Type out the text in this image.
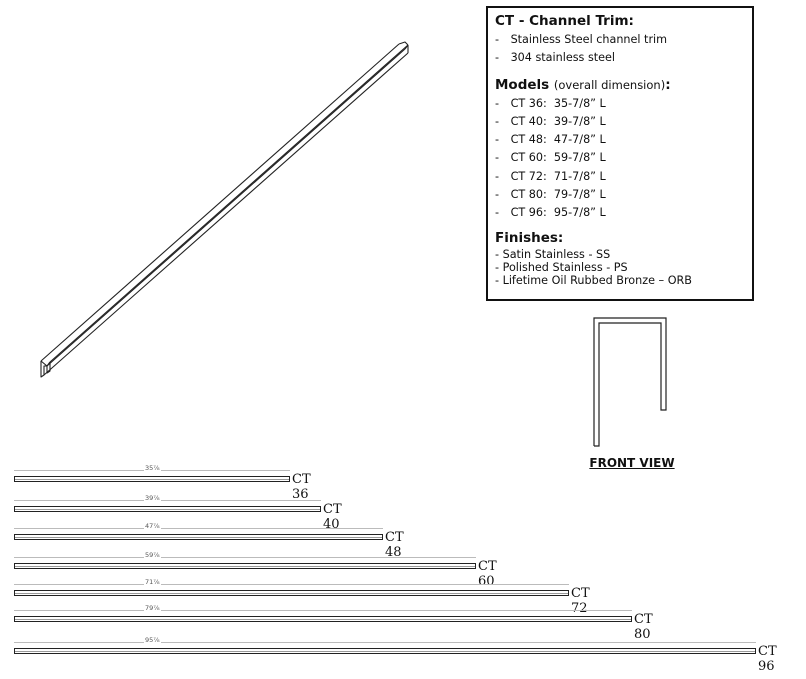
CT - Channel Trim:
- Stainless Steel channel trim
- 304 stainless steel
Models (overall dimension):
- CT 36: 35-7/8” L
- CT 40: 39-7/8” L
- CT 48: 47-7/8” L
- CT 60: 59-7/8” L
- CT 72: 71-7/8” L
- CT 80: 79-7/8” L
- CT 96: 95-7/8” L
Finishes:
- Satin Stainless - SS
- Polished Stainless - PS
- Lifetime Oil Rubbed Bronze – ORB
FRONT VIEW
35⁷⁄₈
CT 36
39⁷⁄₈
CT 40
47⁷⁄₈
CT 48
59⁷⁄₈
CT 60
71⁷⁄₈
CT 72
79⁷⁄₈
CT 80
95⁷⁄₈
CT 96
